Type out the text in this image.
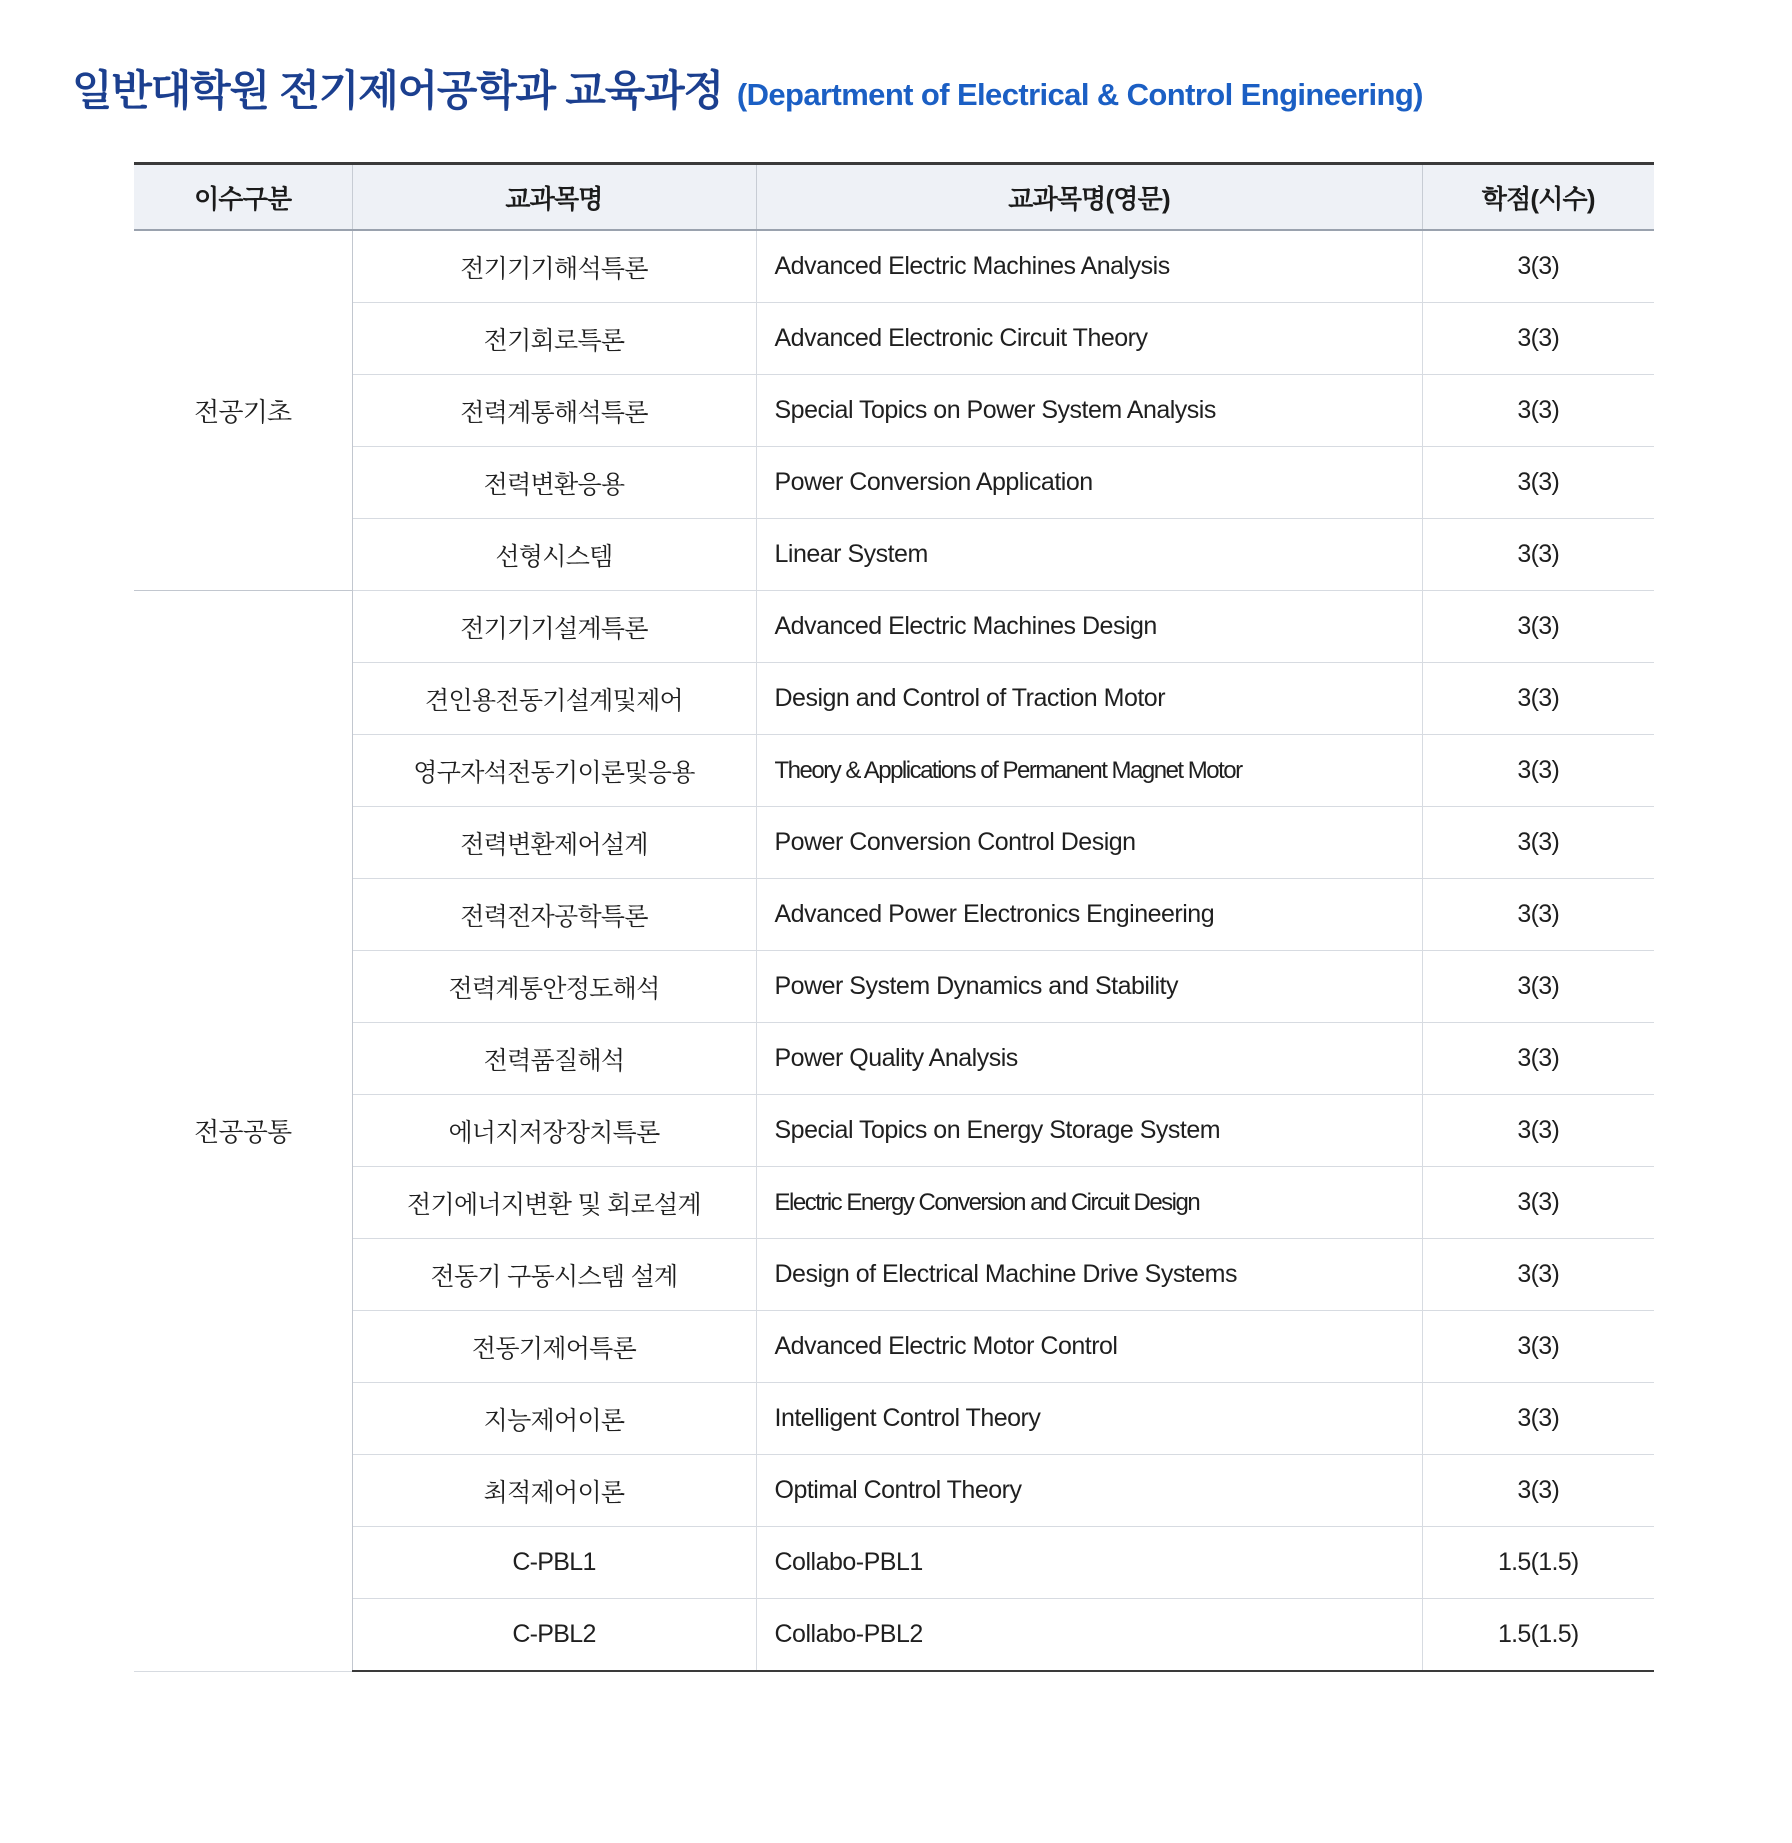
일반대학원 전기제어공학과 교육과정 (Department of Electrical & Control Engineering)
이수구분	교과목명	교과목명(영문)	학점(시수)
전공기초	전기기기해석특론	Advanced Electric Machines Analysis	3(3)
	전기회로특론	Advanced Electronic Circuit Theory	3(3)
	전력계통해석특론	Special Topics on Power System Analysis	3(3)
	전력변환응용	Power Conversion Application	3(3)
	선형시스템	Linear System	3(3)
전공공통	전기기기설계특론	Advanced Electric Machines Design	3(3)
	견인용전동기설계및제어	Design and Control of Traction Motor	3(3)
	영구자석전동기이론및응용	Theory & Applications of Permanent Magnet Motor	3(3)
	전력변환제어설계	Power Conversion Control Design	3(3)
	전력전자공학특론	Advanced Power Electronics Engineering	3(3)
	전력계통안정도해석	Power System Dynamics and Stability	3(3)
	전력품질해석	Power Quality Analysis	3(3)
	에너지저장장치특론	Special Topics on Energy Storage System	3(3)
	전기에너지변환 및 회로설계	Electric Energy Conversion and Circuit Design	3(3)
	전동기 구동시스템 설계	Design of Electrical Machine Drive Systems	3(3)
	전동기제어특론	Advanced Electric Motor Control	3(3)
	지능제어이론	Intelligent Control Theory	3(3)
	최적제어이론	Optimal Control Theory	3(3)
	C-PBL1	Collabo-PBL1	1.5(1.5)
	C-PBL2	Collabo-PBL2	1.5(1.5)
